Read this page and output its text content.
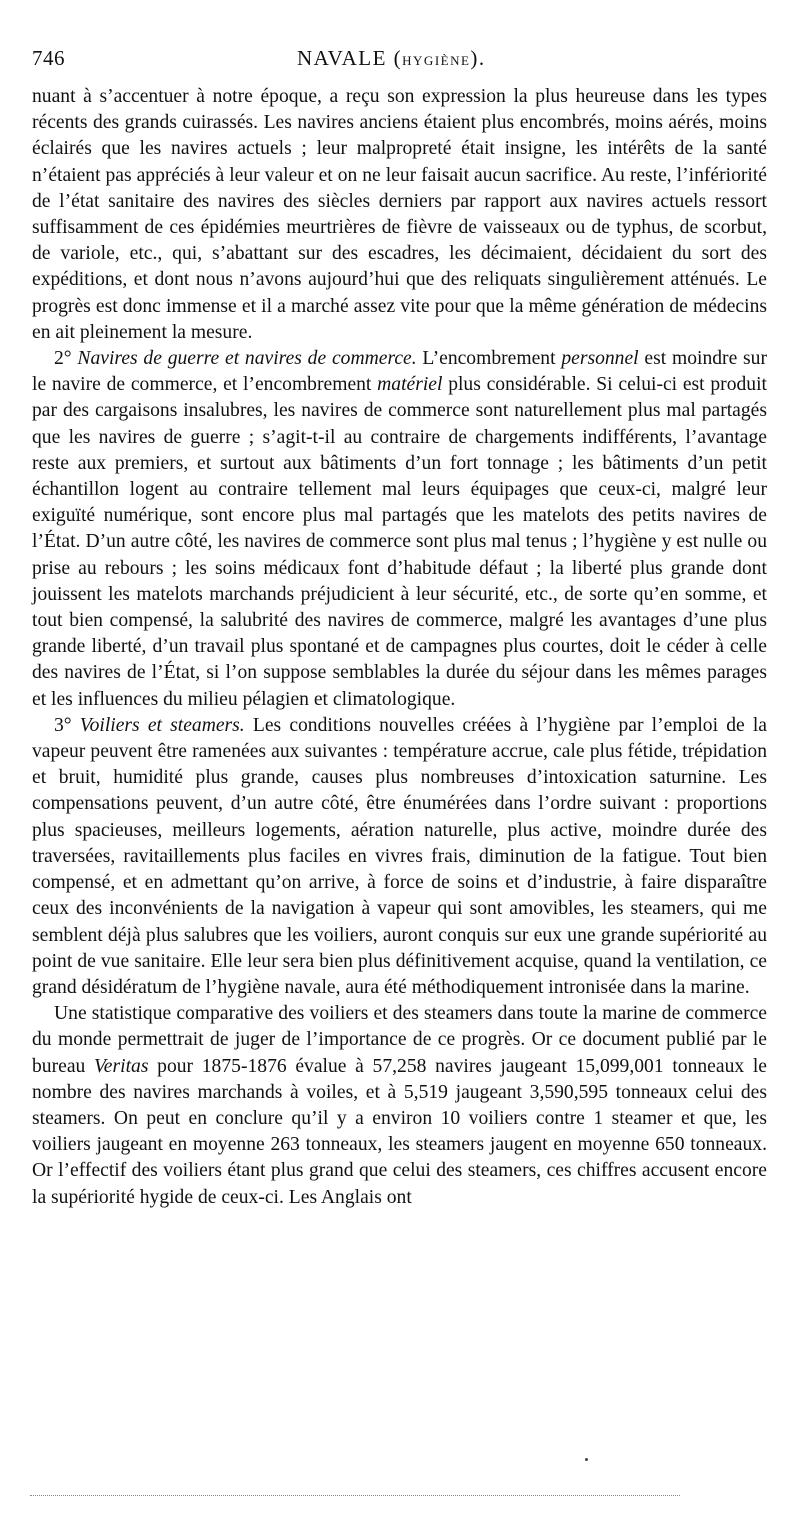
746	NAVALE (HYGIÈNE).

nuant à s’accentuer à notre époque, a reçu son expression la plus heureuse dans les types récents des grands cuirassés. Les navires anciens étaient plus encombrés, moins aérés, moins éclairés que les navires actuels ; leur malpropreté était insigne, les intérêts de la santé n’étaient pas appréciés à leur valeur et on ne leur faisait aucun sacrifice. Au reste, l’infériorité de l’état sanitaire des navires des siècles derniers par rapport aux navires actuels ressort suffisamment de ces épidémies meurtrières de fièvre de vaisseaux ou de typhus, de scorbut, de variole, etc., qui, s’abattant sur des escadres, les décimaient, décidaient du sort des expéditions, et dont nous n’avons aujourd’hui que des reliquats singulièrement atténués. Le progrès est donc immense et il a marché assez vite pour que la même génération de médecins en ait pleinement la mesure.

2° Navires de guerre et navires de commerce. L’encombrement personnel est moindre sur le navire de commerce, et l’encombrement matériel plus considérable. Si celui-ci est produit par des cargaisons insalubres, les navires de commerce sont naturellement plus mal partagés que les navires de guerre ; s’agit-t-il au contraire de chargements indifférents, l’avantage reste aux premiers, et surtout aux bâtiments d’un fort tonnage ; les bâtiments d’un petit échantillon logent au contraire tellement mal leurs équipages que ceux-ci, malgré leur exiguïté numérique, sont encore plus mal partagés que les matelots des petits navires de l’État. D’un autre côté, les navires de commerce sont plus mal tenus ; l’hygiène y est nulle ou prise au rebours ; les soins médicaux font d’habitude défaut ; la liberté plus grande dont jouissent les matelots marchands préjudicient à leur sécurité, etc., de sorte qu’en somme, et tout bien compensé, la salubrité des navires de commerce, malgré les avantages d’une plus grande liberté, d’un travail plus spontané et de campagnes plus courtes, doit le céder à celle des navires de l’État, si l’on suppose semblables la durée du séjour dans les mêmes parages et les influences du milieu pélagien et climatologique.

3° Voiliers et steamers. Les conditions nouvelles créées à l’hygiène par l’emploi de la vapeur peuvent être ramenées aux suivantes : température accrue, cale plus fétide, trépidation et bruit, humidité plus grande, causes plus nombreuses d’intoxication saturnine. Les compensations peuvent, d’un autre côté, être énumérées dans l’ordre suivant : proportions plus spacieuses, meilleurs logements, aération naturelle, plus active, moindre durée des traversées, ravitaillements plus faciles en vivres frais, diminution de la fatigue. Tout bien compensé, et en admettant qu’on arrive, à force de soins et d’industrie, à faire disparaître ceux des inconvénients de la navigation à vapeur qui sont amovibles, les steamers, qui me semblent déjà plus salubres que les voiliers, auront conquis sur eux une grande supériorité au point de vue sanitaire. Elle leur sera bien plus définitivement acquise, quand la ventilation, ce grand désidératum de l’hygiène navale, aura été méthodiquement intronisée dans la marine.

Une statistique comparative des voiliers et des steamers dans toute la marine de commerce du monde permettrait de juger de l’importance de ce progrès. Or ce document publié par le bureau Veritas pour 1875-1876 évalue à 57,258 navires jaugeant 15,099,001 tonneaux le nombre des navires marchands à voiles, et à 5,519 jaugeant 3,590,595 tonneaux celui des steamers. On peut en conclure qu’il y a environ 10 voiliers contre 1 steamer et que, les voiliers jaugeant en moyenne 263 tonneaux, les steamers jaugent en moyenne 650 tonneaux. Or l’effectif des voiliers étant plus grand que celui des steamers, ces chiffres accusent encore la supériorité hygide de ceux-ci. Les Anglais ont
